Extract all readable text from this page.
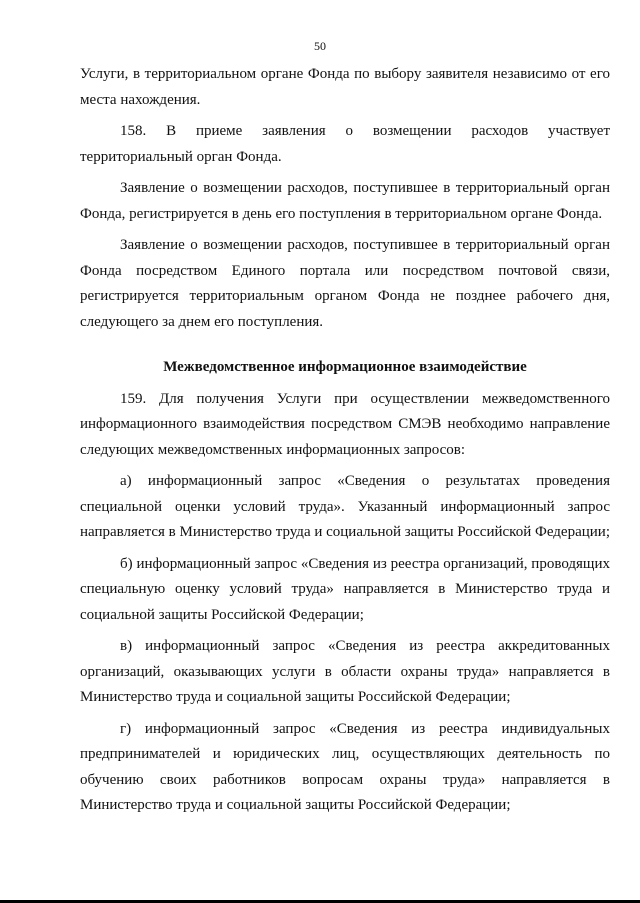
50

Услуги, в территориальном органе Фонда по выбору заявителя независимо от его места нахождения.

158. В приеме заявления о возмещении расходов участвует территориальный орган Фонда.

Заявление о возмещении расходов, поступившее в территориальный орган Фонда, регистрируется в день его поступления в территориальном органе Фонда.

Заявление о возмещении расходов, поступившее в территориальный орган Фонда посредством Единого портала или посредством почтовой связи, регистрируется территориальным органом Фонда не позднее рабочего дня, следующего за днем его поступления.

Межведомственное информационное взаимодействие

159. Для получения Услуги при осуществлении межведомственного информационного взаимодействия посредством СМЭВ необходимо направление следующих межведомственных информационных запросов:

а) информационный запрос «Сведения о результатах проведения специальной оценки условий труда». Указанный информационный запрос направляется в Министерство труда и социальной защиты Российской Федерации;

б) информационный запрос «Сведения из реестра организаций, проводящих специальную оценку условий труда» направляется в Министерство труда и социальной защиты Российской Федерации;

в) информационный запрос «Сведения из реестра аккредитованных организаций, оказывающих услуги в области охраны труда» направляется в Министерство труда и социальной защиты Российской Федерации;

г) информационный запрос «Сведения из реестра индивидуальных предпринимателей и юридических лиц, осуществляющих деятельность по обучению своих работников вопросам охраны труда» направляется в Министерство труда и социальной защиты Российской Федерации;
